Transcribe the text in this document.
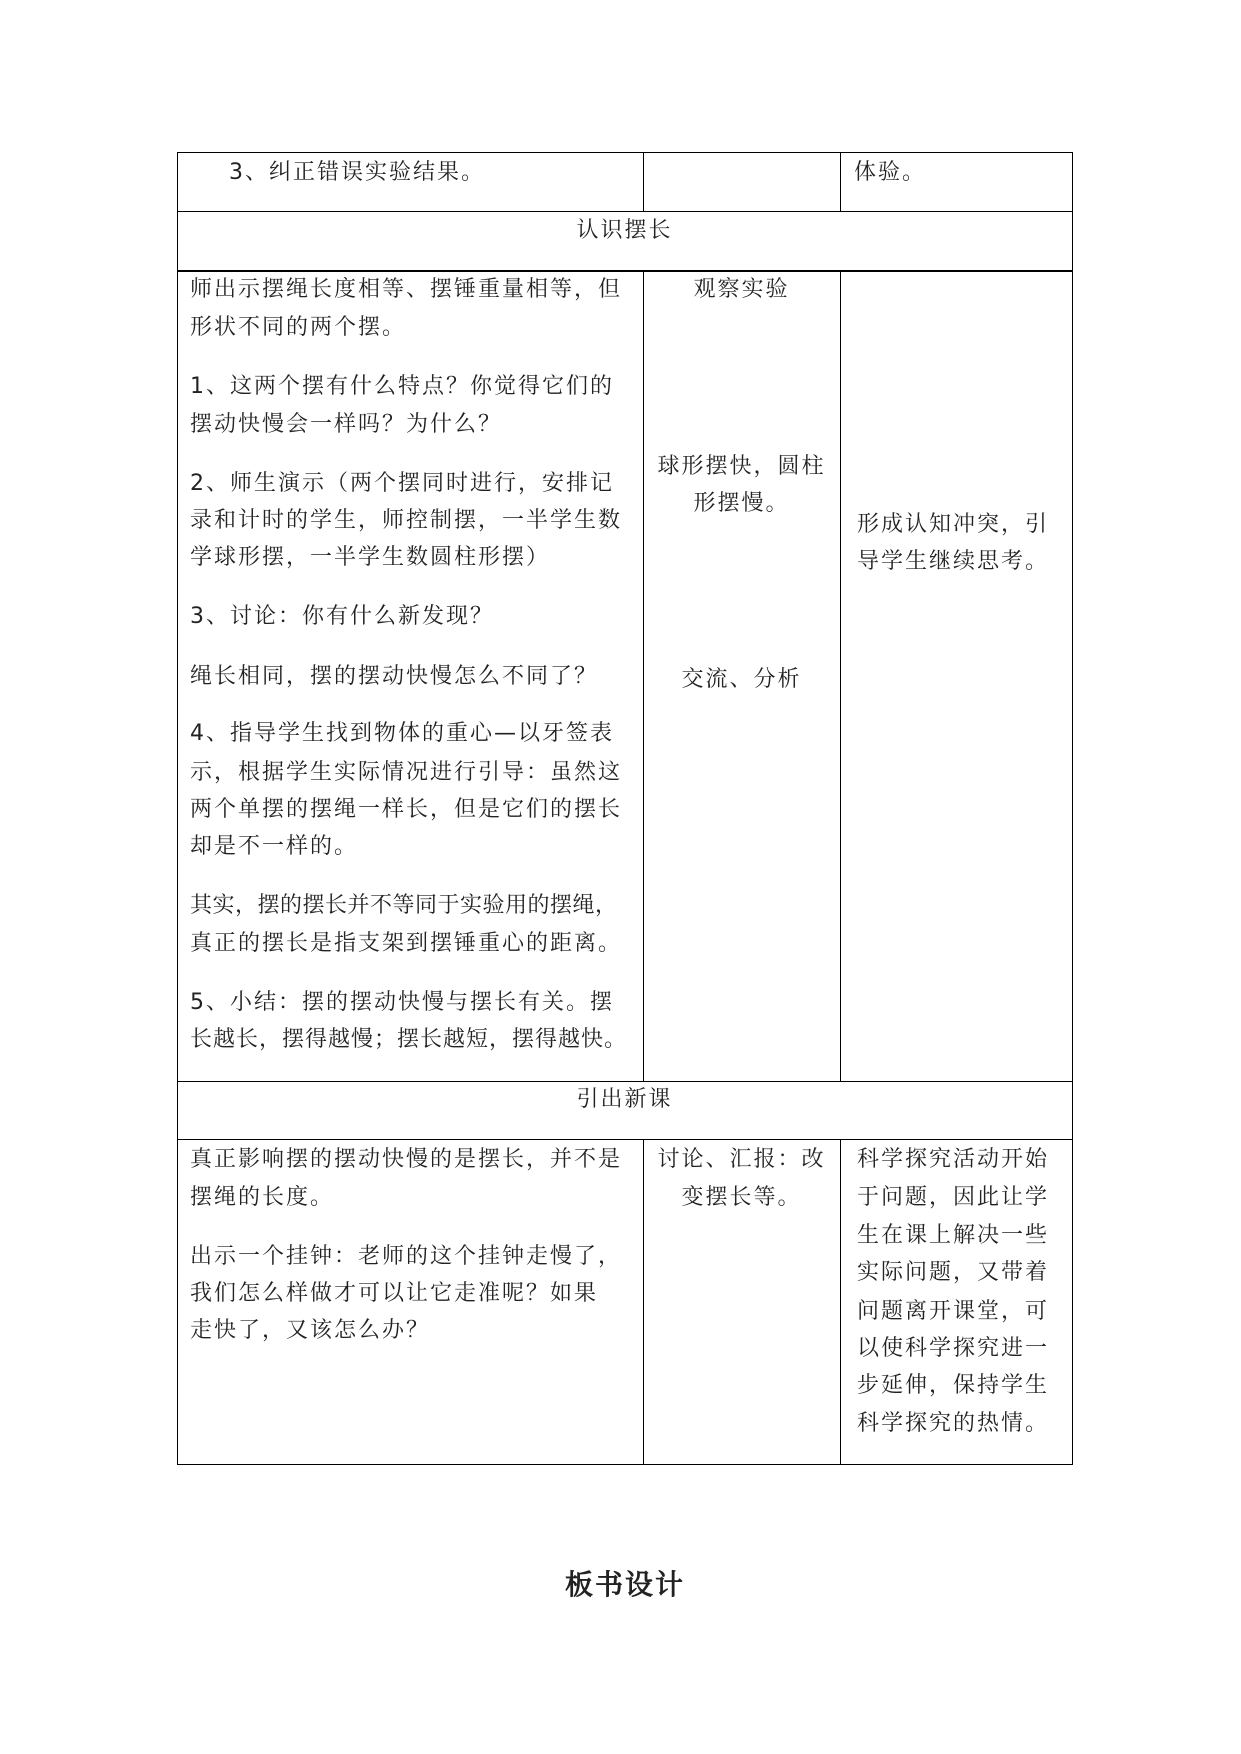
3、纠正错误实验结果。	体验。
认识摆长
师出示摆绳长度相等、摆锤重量相等，但
形状不同的两个摆。
1、这两个摆有什么特点？你觉得它们的
摆动快慢会一样吗？为什么？
2、师生演示（两个摆同时进行，安排记
录和计时的学生，师控制摆，一半学生数
学球形摆，一半学生数圆柱形摆）
3、讨论：你有什么新发现？
绳长相同，摆的摆动快慢怎么不同了？
4、指导学生找到物体的重心—以牙签表
示，根据学生实际情况进行引导：虽然这
两个单摆的摆绳一样长，但是它们的摆长
却是不一样的。
其实，摆的摆长并不等同于实验用的摆绳，
真正的摆长是指支架到摆锤重心的距离。
5、小结：摆的摆动快慢与摆长有关。摆
长越长，摆得越慢；摆长越短，摆得越快。
观察实验
球形摆快，圆柱
形摆慢。
交流、分析
形成认知冲突，引
导学生继续思考。
引出新课
真正影响摆的摆动快慢的是摆长，并不是
摆绳的长度。
出示一个挂钟：老师的这个挂钟走慢了，
我们怎么样做才可以让它走准呢？如果
走快了，又该怎么办？
讨论、汇报：改
变摆长等。
科学探究活动开始
于问题，因此让学
生在课上解决一些
实际问题，又带着
问题离开课堂，可
以使科学探究进一
步延伸，保持学生
科学探究的热情。
板书设计
